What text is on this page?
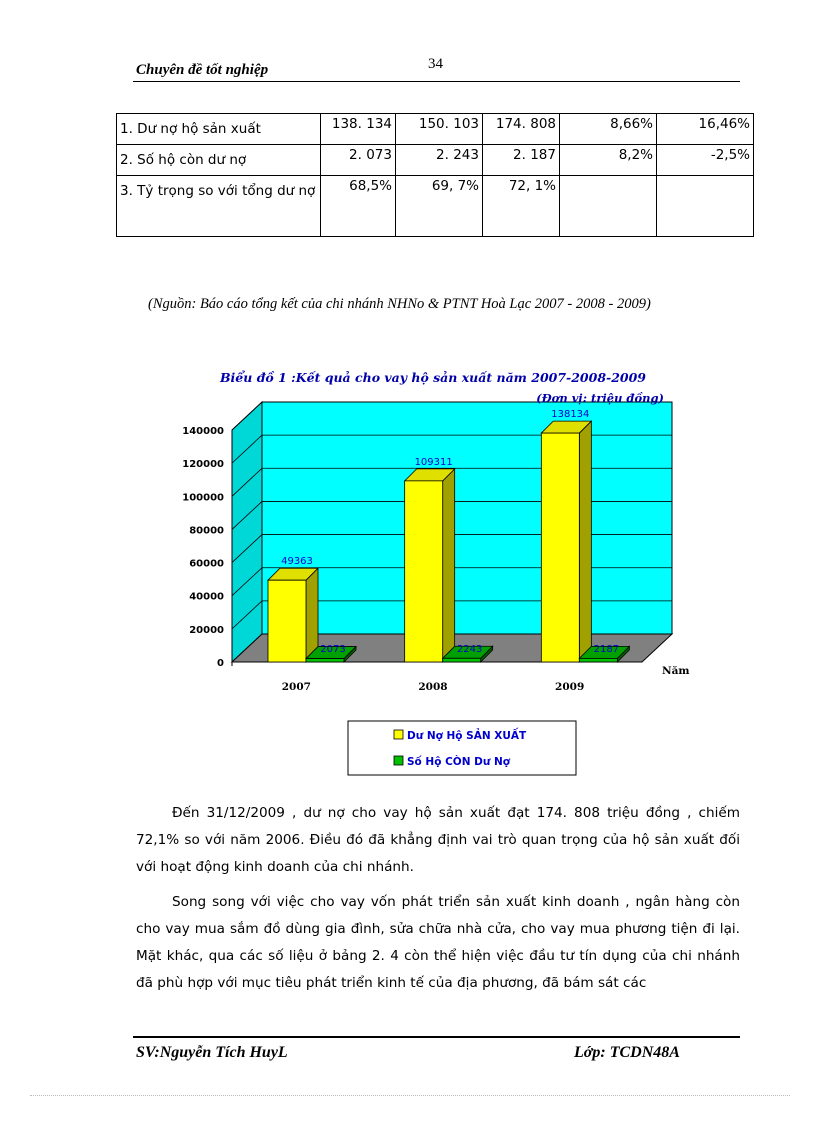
Chuyên đề tốt nghiệp	34
1. Dư nợ hộ sản xuất	138. 134	150. 103	174. 808	8,66%	16,46%
2. Số hộ còn dư nợ	2. 073	2. 243	2. 187	8,2%	-2,5%
3. Tỷ trọng so với tổng dư nợ	68,5%	69, 7%	72, 1%		
(Nguồn: Báo cáo tổng kết của chi nhánh NHNo & PTNT Hoà Lạc 2007 - 2008 - 2009)
0
20000
40000
60000
80000
100000
120000
140000
49363
2073
2007
109311
2243
2008
138134
2187
2009
Năm
Biểu đồ 1 :Kết quả cho vay hộ sản xuất năm 2007-2008-2009
(Đơn vị: triệu đồng)
Dư Nợ Hộ SẢN XUẤT
Số Hộ CÒN Dư Nợ
Đến 31/12/2009 , dư nợ cho vay hộ sản xuất đạt 174. 808 triệu đồng , chiếm 72,1% so với năm 2006. Điều đó đã khẳng định vai trò quan trọng của hộ sản xuất đối với hoạt động kinh doanh của chi nhánh.
Song song với việc cho vay vốn phát triển sản xuất kinh doanh , ngân hàng còn cho vay mua sắm đồ dùng gia đình, sửa chữa nhà cửa, cho vay mua phương tiện đi lại. Mặt khác, qua các số liệu ở bảng 2. 4 còn thể hiện việc đầu tư tín dụng của chi nhánh đã phù hợp với mục tiêu phát triển kinh tế của địa phương, đã bám sát các
SV:Nguyễn Tích HuyL	Lớp: TCDN48A
